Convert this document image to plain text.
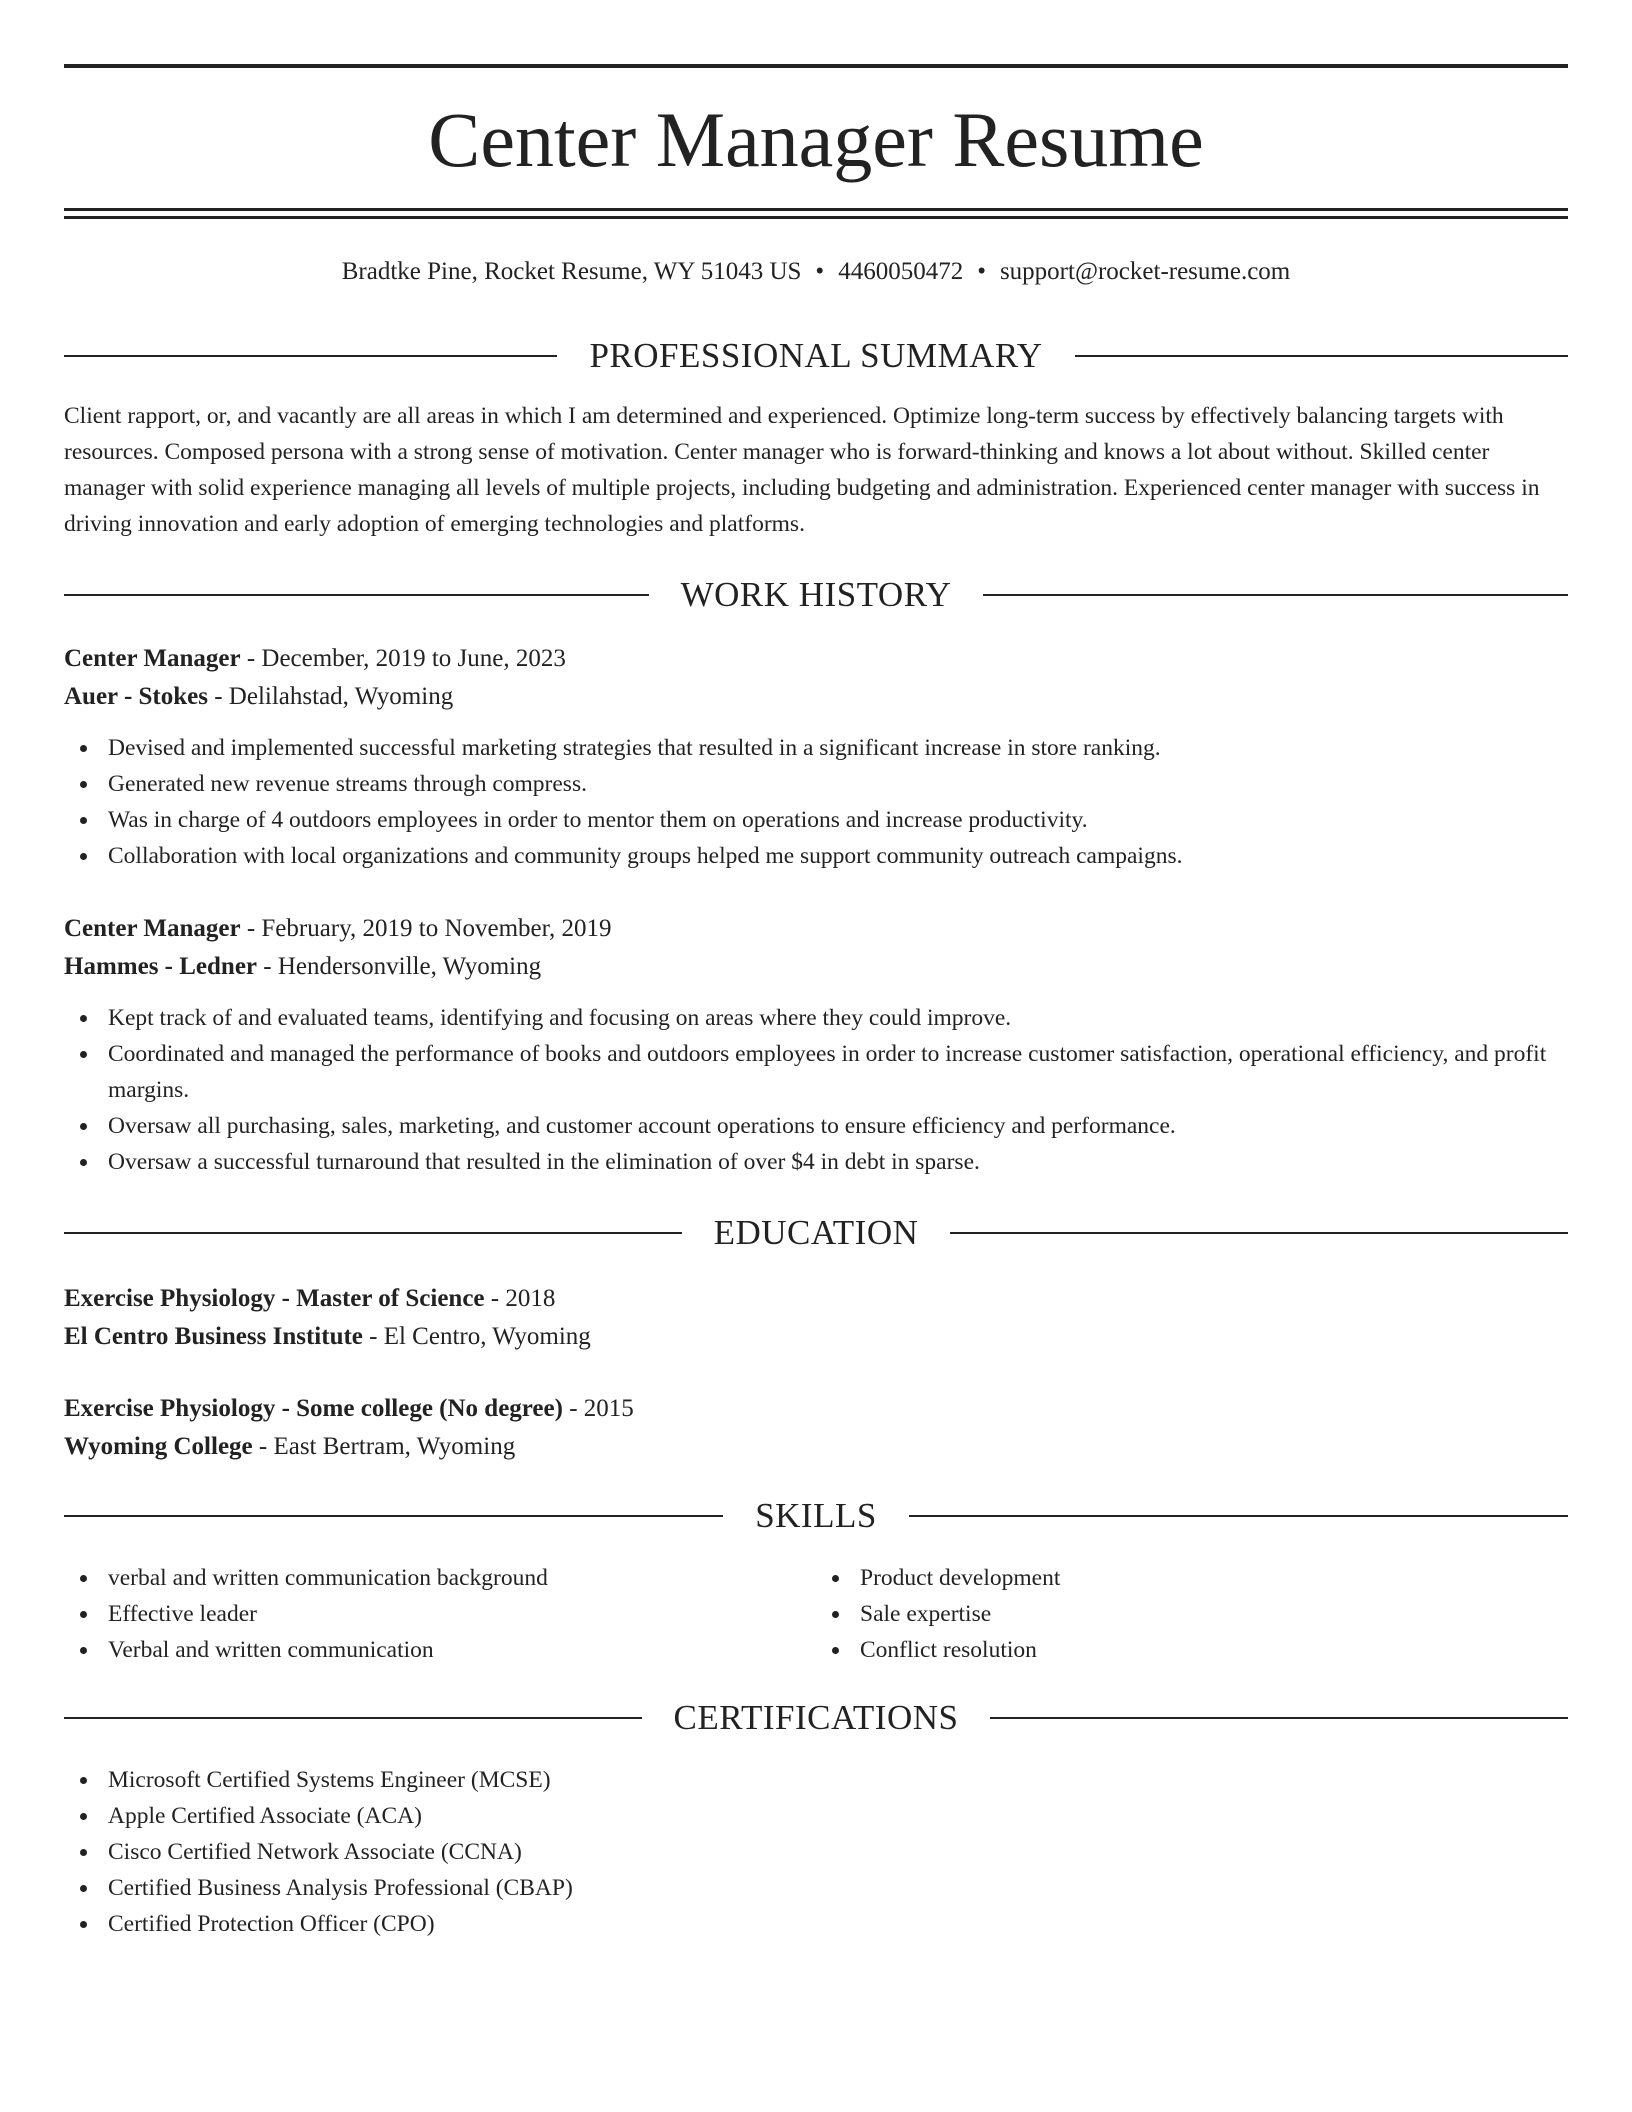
Center Manager Resume
Bradtke Pine, Rocket Resume, WY 51043 US • 4460050472 • support@rocket-resume.com
PROFESSIONAL SUMMARY

Client rapport, or, and vacantly are all areas in which I am determined and experienced. Optimize long-term success by effectively balancing targets with resources. Composed persona with a strong sense of motivation. Center manager who is forward-thinking and knows a lot about without. Skilled center manager with solid experience managing all levels of multiple projects, including budgeting and administration. Experienced center manager with success in driving innovation and early adoption of emerging technologies and platforms.

WORK HISTORY
Center Manager - December, 2019 to June, 2023
Auer - Stokes - Delilahstad, Wyoming
Devised and implemented successful marketing strategies that resulted in a significant increase in store ranking.
Generated new revenue streams through compress.
Was in charge of 4 outdoors employees in order to mentor them on operations and increase productivity.
Collaboration with local organizations and community groups helped me support community outreach campaigns.
Center Manager - February, 2019 to November, 2019
Hammes - Ledner - Hendersonville, Wyoming
Kept track of and evaluated teams, identifying and focusing on areas where they could improve.
Coordinated and managed the performance of books and outdoors employees in order to increase customer satisfaction, operational efficiency, and profit margins.
Oversaw all purchasing, sales, marketing, and customer account operations to ensure efficiency and performance.
Oversaw a successful turnaround that resulted in the elimination of over $4 in debt in sparse.
EDUCATION
Exercise Physiology - Master of Science - 2018
El Centro Business Institute - El Centro, Wyoming
Exercise Physiology - Some college (No degree) - 2015
Wyoming College - East Bertram, Wyoming
SKILLS
verbal and written communication background
Effective leader
Verbal and written communication
Product development
Sale expertise
Conflict resolution
CERTIFICATIONS
Microsoft Certified Systems Engineer (MCSE)
Apple Certified Associate (ACA)
Cisco Certified Network Associate (CCNA)
Certified Business Analysis Professional (CBAP)
Certified Protection Officer (CPO)
